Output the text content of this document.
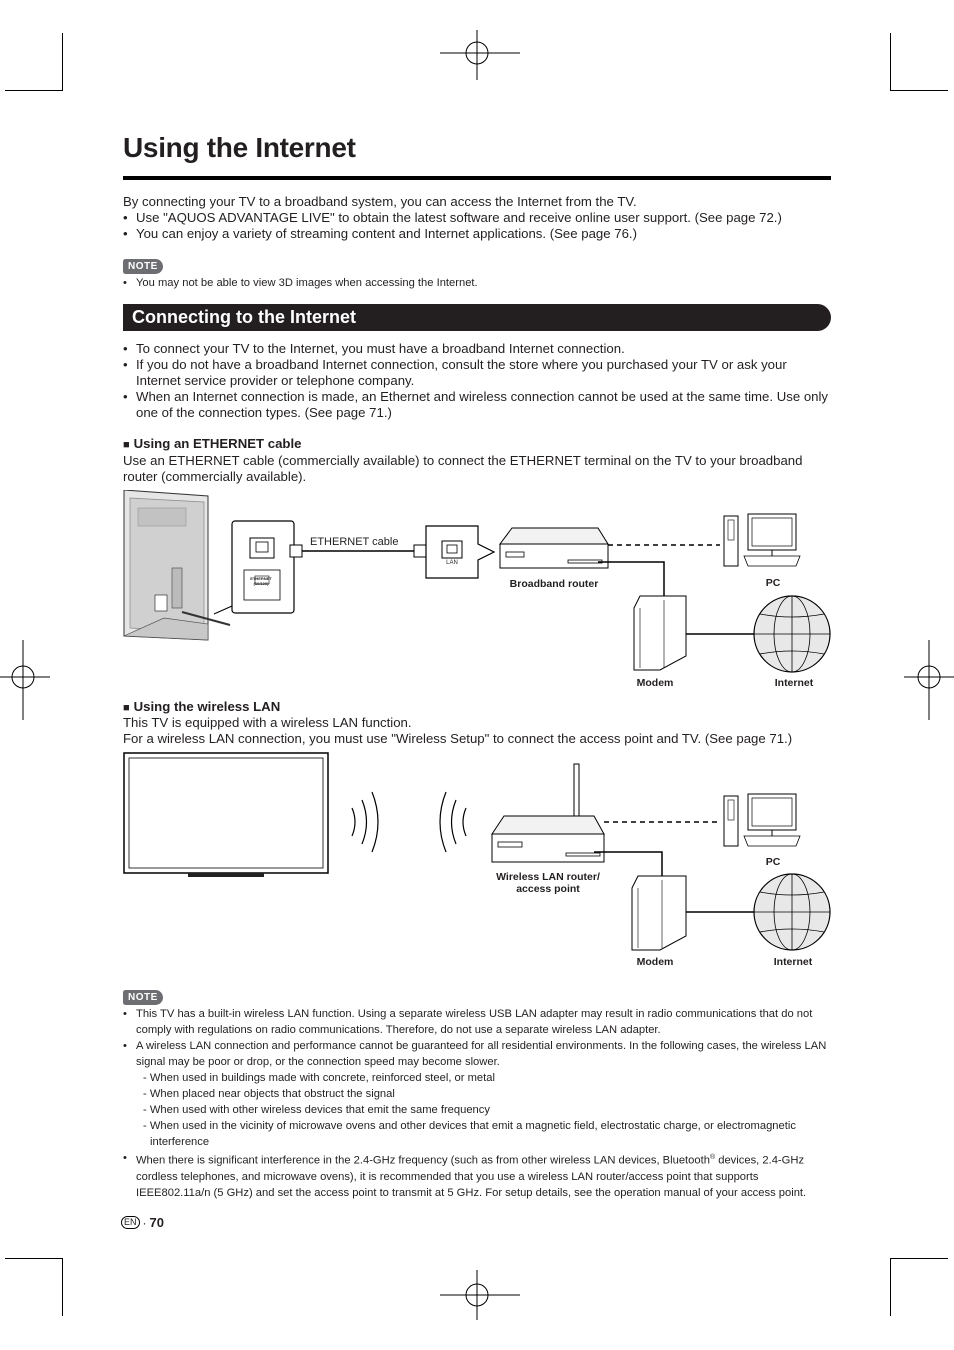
Using the Internet
By connecting your TV to a broadband system, you can access the Internet from the TV.
• Use "AQUOS ADVANTAGE LIVE" to obtain the latest software and receive online user support. (See page 72.)
• You can enjoy a variety of streaming content and Internet applications. (See page 76.)
NOTE
• You may not be able to view 3D images when accessing the Internet.
Connecting to the Internet
• To connect your TV to the Internet, you must have a broadband Internet connection.
• If you do not have a broadband Internet connection, consult the store where you purchased your TV or ask your Internet service provider or telephone company.
• When an Internet connection is made, an Ethernet and wireless connection cannot be used at the same time. Use only one of the connection types. (See page 71.)
■ Using an ETHERNET cable
Use an ETHERNET cable (commercially available) to connect the ETHERNET terminal on the TV to your broadband router (commercially available).
ETHERNET (10/100)
ETHERNET cable
LAN
Broadband router	PC
Modem	Internet
■ Using the wireless LAN
This TV is equipped with a wireless LAN function.
For a wireless LAN connection, you must use "Wireless Setup" to connect the access point and TV. (See page 71.)
Wireless LAN router/
access point
PC
Modem	Internet
NOTE
• This TV has a built-in wireless LAN function. Using a separate wireless USB LAN adapter may result in radio communications that do not comply with regulations on radio communications. Therefore, do not use a separate wireless LAN adapter.
• A wireless LAN connection and performance cannot be guaranteed for all residential environments. In the following cases, the wireless LAN signal may be poor or drop, or the connection speed may become slower.
- When used in buildings made with concrete, reinforced steel, or metal
- When placed near objects that obstruct the signal
- When used with other wireless devices that emit the same frequency
- When used in the vicinity of microwave ovens and other devices that emit a magnetic field, electrostatic charge, or electromagnetic interference
• When there is significant interference in the 2.4-GHz frequency (such as from other wireless LAN devices, Bluetooth® devices, 2.4-GHz cordless telephones, and microwave ovens), it is recommended that you use a wireless LAN router/access point that supports IEEE802.11a/n (5 GHz) and set the access point to transmit at 5 GHz. For setup details, see the operation manual of your access point.
EN · 70
